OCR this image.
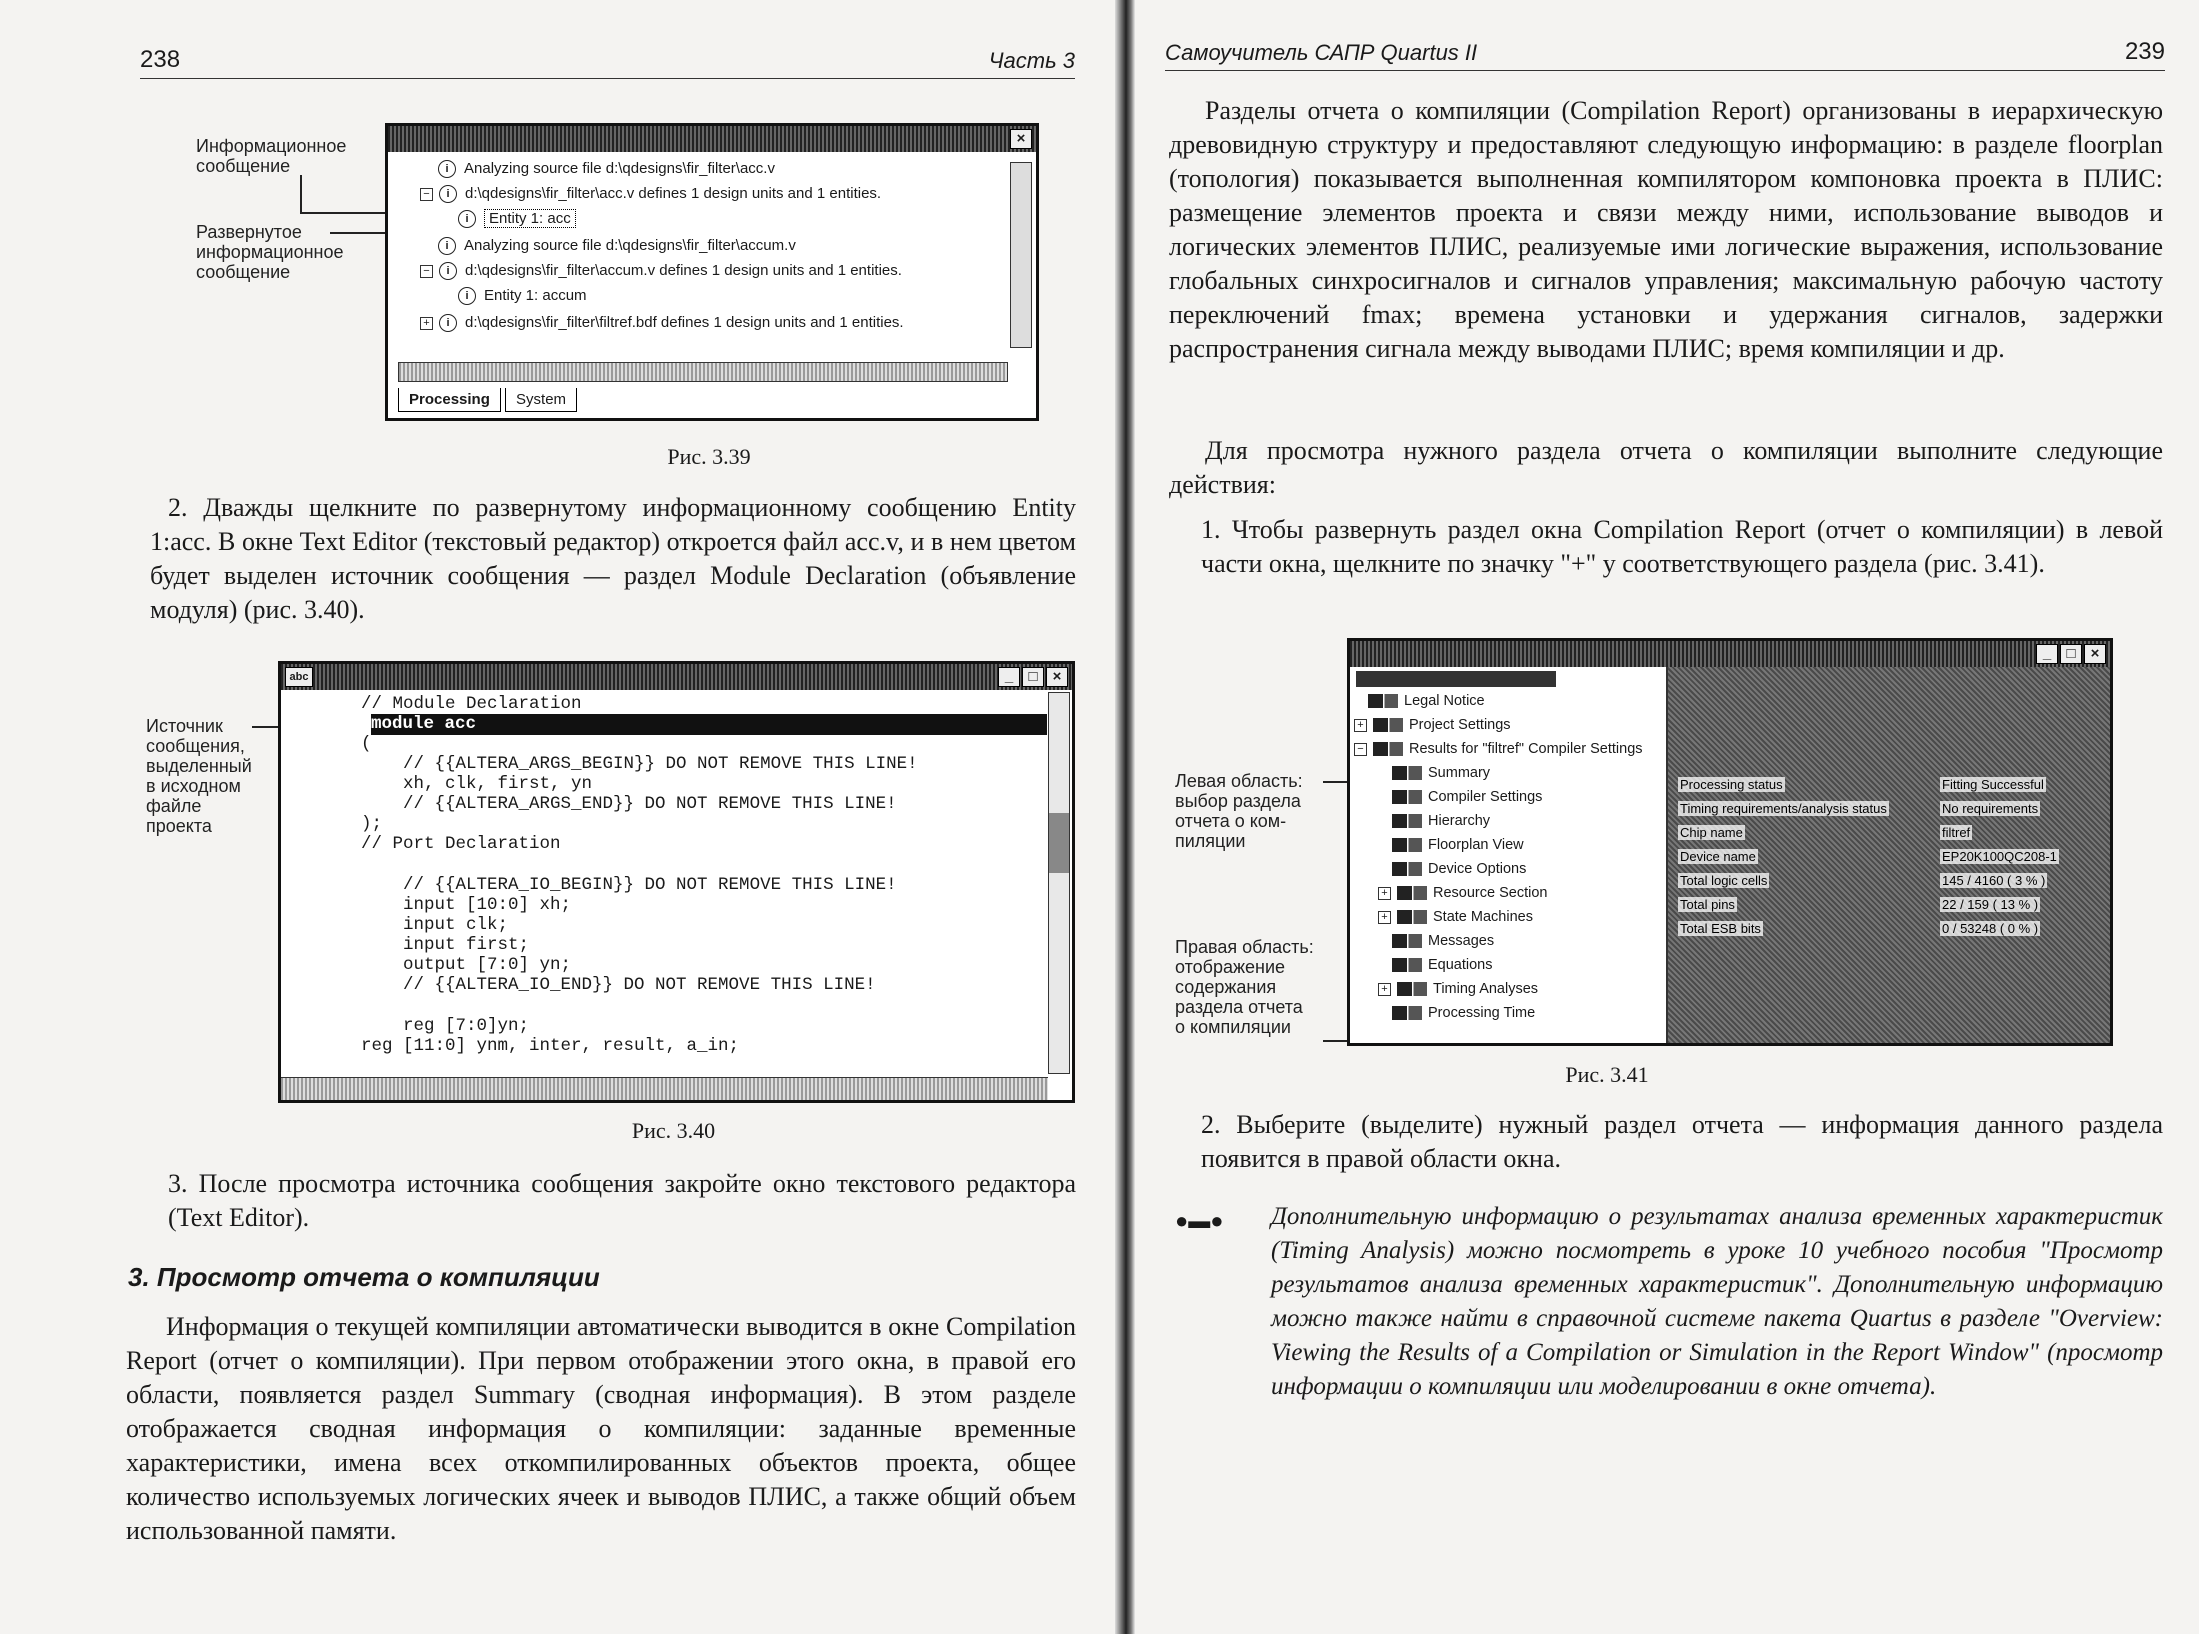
238	Часть 3
Информационное
сообщение
Развернутое
информационное
сообщение
×
i Analyzing source file d:\qdesigns\fir_filter\acc.v
− i d:\qdesigns\fir_filter\acc.v defines 1 design units and 1 entities.
i Entity 1: acc
i Analyzing source file d:\qdesigns\fir_filter\accum.v
− i d:\qdesigns\fir_filter\accum.v defines 1 design units and 1 entities.
i Entity 1: accum
+ i d:\qdesigns\fir_filter\filtref.bdf defines 1 design units and 1 entities.
Processing System
Рис. 3.39
2. Дважды щелкните по развернутому информационному сообщению Entity 1:acc. В окне Text Editor (текстовый редактор) откроется файл acc.v, и в нем цветом будет выделен источник сообщения — раздел Module Declaration (объявление модуля) (рис. 3.40).
Источник
сообщения,
выделенный
в исходном
файле
проекта
abc	_	□	×
// Module Declaration
module acc
(
// {{ALTERA_ARGS_BEGIN}} DO NOT REMOVE THIS LINE!
xh, clk, first, yn
// {{ALTERA_ARGS_END}} DO NOT REMOVE THIS LINE!
);
// Port Declaration
// {{ALTERA_IO_BEGIN}} DO NOT REMOVE THIS LINE!
input [10:0] xh;
input clk;
input first;
output [7:0] yn;
// {{ALTERA_IO_END}} DO NOT REMOVE THIS LINE!
reg [7:0]yn;
reg [11:0] ynm, inter, result, a_in;
Рис. 3.40
3. После просмотра источника сообщения закройте окно текстового редактора (Text Editor).
3. Просмотр отчета о компиляции
Информация о текущей компиляции автоматически выводится в окне Compilation Report (отчет о компиляции). При первом отображении этого окна, в правой его области, появляется раздел Summary (сводная информация). В этом разделе отображается сводная информация о компиляции: заданные временные характеристики, имена всех откомпилированных объектов проекта, общее количество используемых логических ячеек и выводов ПЛИС, а также общий объем использованной памяти.
Самоучитель САПР Quartus II	239
Разделы отчета о компиляции (Compilation Report) организованы в иерархическую древовидную структуру и предоставляют следующую информацию: в разделе floorplan (топология) показывается выполненная компилятором компоновка проекта в ПЛИС: размещение элементов проекта и связи между ними, использование выводов и логических элементов ПЛИС, реализуемые ими логические выражения, использование глобальных синхросигналов и сигналов управления; максимальную рабочую частоту переключений fmax; времена установки и удержания сигналов, задержки распространения сигнала между выводами ПЛИС; время компиляции и др.
Для просмотра нужного раздела отчета о компиляции выполните следующие действия:
1. Чтобы развернуть раздел окна Compilation Report (отчет о компиляции) в левой части окна, щелкните по значку "+" у соответствующего раздела (рис. 3.41).
Левая область:
выбор раздела
отчета о ком-
пиляции
Правая область:
отображение
содержания
раздела отчета
о компиляции
_	□	×
Legal Notice
+	Project Settings
−	Results for "filtref" Compiler Settings
Summary
Compiler Settings
Hierarchy
Floorplan View
Device Options
+	Resource Section
+	State Machines
Messages
Equations
+	Timing Analyses
Processing Time
Processing status	Fitting Successful
Timing requirements/analysis status	No requirements
Chip name	filtref
Device name	EP20K100QC208-1
Total logic cells	145 / 4160 ( 3 % )
Total pins	22 / 159 ( 13 % )
Total ESB bits	0 / 53248 ( 0 % )
Рис. 3.41
2. Выберите (выделите) нужный раздел отчета — информация данного раздела появится в правой области окна.
●▬● Дополнительную информацию о результатах анализа временных характеристик (Timing Analysis) можно посмотреть в уроке 10 учебного пособия "Просмотр результатов анализа временных характеристик". Дополнительную информацию можно также найти в справочной системе пакета Quartus в разделе "Overview: Viewing the Results of a Compilation or Simulation in the Report Window" (просмотр информации о компиляции или моделировании в окне отчета).
